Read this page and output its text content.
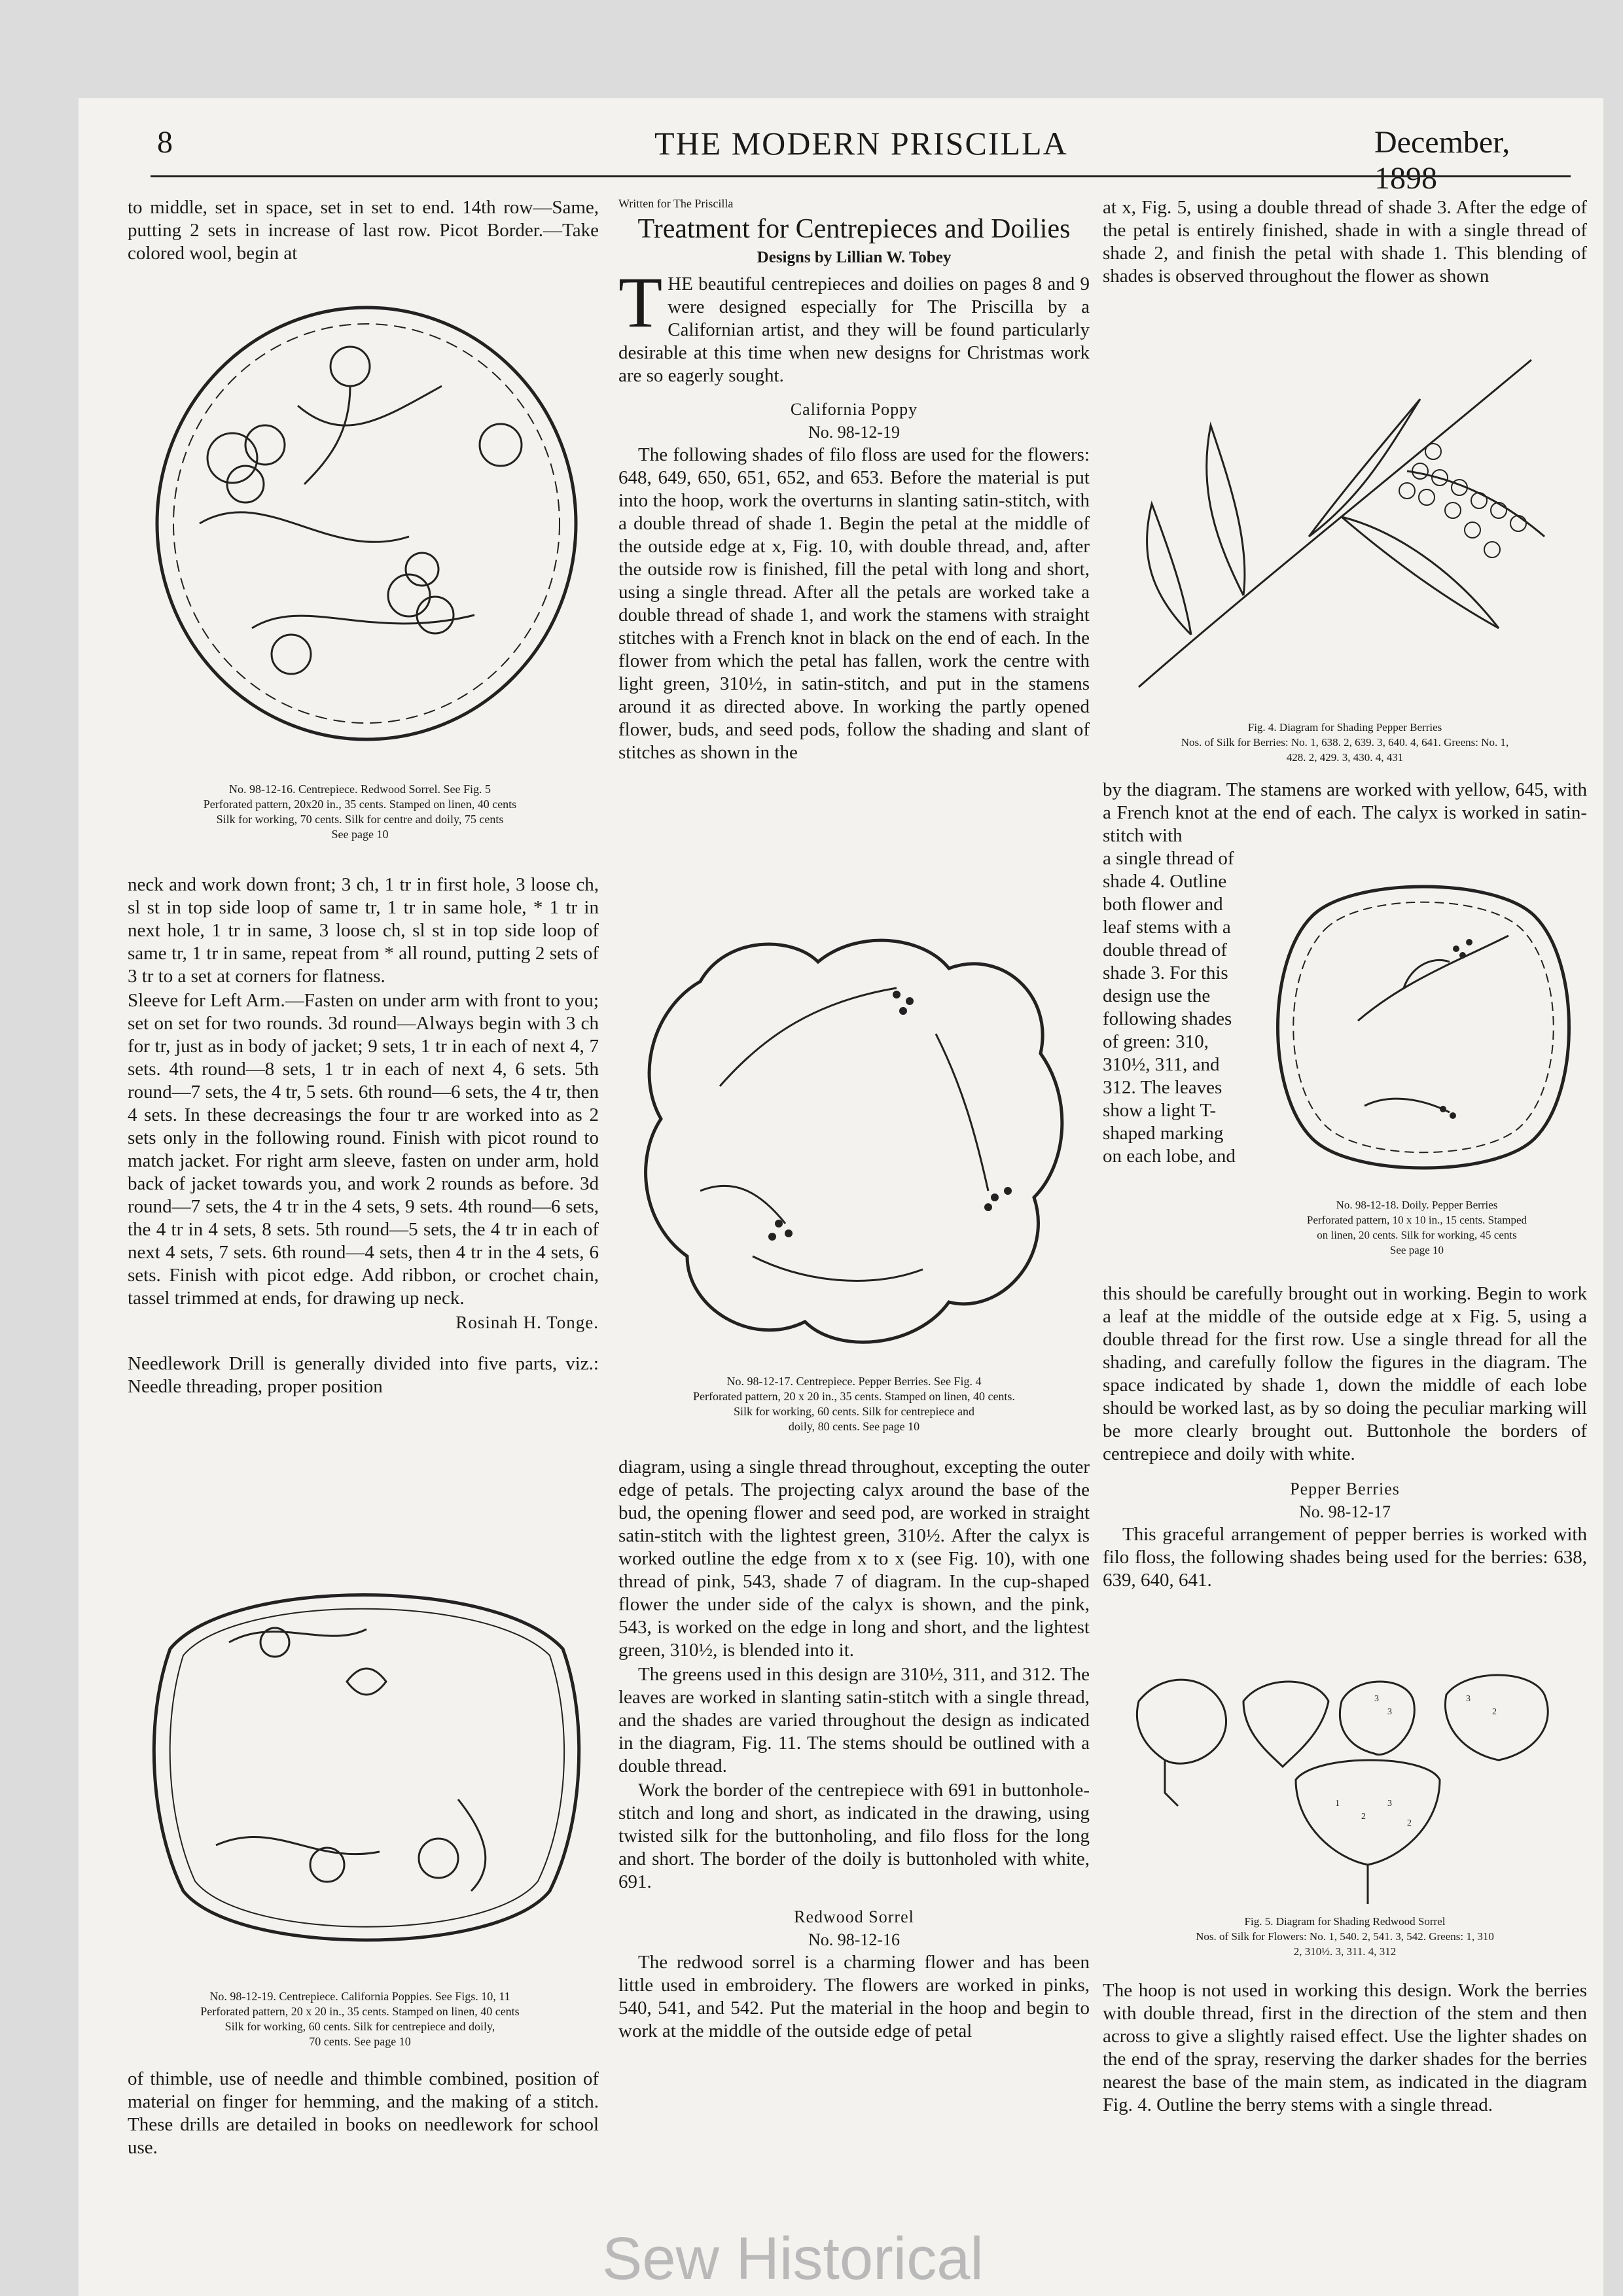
8	THE MODERN PRISCILLA	December, 1898

to middle, set in space, set in set to end. 14th row—Same, putting 2 sets in increase of last row. Picot Border.—Take colored wool, begin at

No. 98-12-16. Centrepiece. Redwood Sorrel. See Fig. 5
Perforated pattern, 20x20 in., 35 cents. Stamped on linen, 40 cents
Silk for working, 70 cents. Silk for centre and doily, 75 cents
See page 10

neck and work down front; 3 ch, 1 tr in first hole, 3 loose ch, sl st in top side loop of same tr, 1 tr in same hole, * 1 tr in next hole, 1 tr in same, 3 loose ch, sl st in top side loop of same tr, 1 tr in same, repeat from * all round, putting 2 sets of 3 tr to a set at corners for flatness.

Sleeve for Left Arm.—Fasten on under arm with front to you; set on set for two rounds. 3d round—Always begin with 3 ch for tr, just as in body of jacket; 9 sets, 1 tr in each of next 4, 7 sets. 4th round—8 sets, 1 tr in each of next 4, 6 sets. 5th round—7 sets, the 4 tr, 5 sets. 6th round—6 sets, the 4 tr, then 4 sets. In these decreasings the four tr are worked into as 2 sets only in the following round. Finish with picot round to match jacket. For right arm sleeve, fasten on under arm, hold back of jacket towards you, and work 2 rounds as before. 3d round—7 sets, the 4 tr in the 4 sets, 9 sets. 4th round—6 sets, the 4 tr in 4 sets, 8 sets. 5th round—5 sets, the 4 tr in each of next 4 sets, 7 sets. 6th round—4 sets, then 4 tr in the 4 sets, 6 sets. Finish with picot edge. Add ribbon, or crochet chain, tassel trimmed at ends, for drawing up neck.

Rosinah H. Tonge.

Needlework Drill is generally divided into five parts, viz.: Needle threading, proper position

No. 98-12-19. Centrepiece. California Poppies. See Figs. 10, 11
Perforated pattern, 20 x 20 in., 35 cents. Stamped on linen, 40 cents
Silk for working, 60 cents. Silk for centrepiece and doily,
70 cents. See page 10

of thimble, use of needle and thimble combined, position of material on finger for hemming, and the making of a stitch. These drills are detailed in books on needlework for school use.

Written for The Priscilla

Treatment for Centrepieces and Doilies
Designs by Lillian W. Tobey

THE beautiful centrepieces and doilies on pages 8 and 9 were designed especially for The Priscilla by a Californian artist, and they will be found particularly desirable at this time when new designs for Christmas work are so eagerly sought.

California Poppy
No. 98-12-19

The following shades of filo floss are used for the flowers: 648, 649, 650, 651, 652, and 653. Before the material is put into the hoop, work the overturns in slanting satin-stitch, with a double thread of shade 1. Begin the petal at the middle of the outside edge at x, Fig. 10, with double thread, and, after the outside row is finished, fill the petal with long and short, using a single thread. After all the petals are worked take a double thread of shade 1, and work the stamens with straight stitches with a French knot in black on the end of each. In the flower from which the petal has fallen, work the centre with light green, 310½, in satin-stitch, and put in the stamens around it as directed above. In working the partly opened flower, buds, and seed pods, follow the shading and slant of stitches as shown in the

No. 98-12-17. Centrepiece. Pepper Berries. See Fig. 4
Perforated pattern, 20 x 20 in., 35 cents. Stamped on linen, 40 cents.
Silk for working, 60 cents. Silk for centrepiece and
doily, 80 cents. See page 10

diagram, using a single thread throughout, excepting the outer edge of petals. The projecting calyx around the base of the bud, the opening flower and seed pod, are worked in straight satin-stitch with the lightest green, 310½. After the calyx is worked outline the edge from x to x (see Fig. 10), with one thread of pink, 543, shade 7 of diagram. In the cup-shaped flower the under side of the calyx is shown, and the pink, 543, is worked on the edge in long and short, and the lightest green, 310½, is blended into it.

The greens used in this design are 310½, 311, and 312. The leaves are worked in slanting satin-stitch with a single thread, and the shades are varied throughout the design as indicated in the diagram, Fig. 11. The stems should be outlined with a double thread.

Work the border of the centrepiece with 691 in buttonhole-stitch and long and short, as indicated in the drawing, using twisted silk for the buttonholing, and filo floss for the long and short. The border of the doily is buttonholed with white, 691.

Redwood Sorrel
No. 98-12-16

The redwood sorrel is a charming flower and has been little used in embroidery. The flowers are worked in pinks, 540, 541, and 542. Put the material in the hoop and begin to work at the middle of the outside edge of petal

at x, Fig. 5, using a double thread of shade 3. After the edge of the petal is entirely finished, shade in with a single thread of shade 2, and finish the petal with shade 1. This blending of shades is observed throughout the flower as shown

Fig. 4. Diagram for Shading Pepper Berries
Nos. of Silk for Berries: No. 1, 638. 2, 639. 3, 640. 4, 641. Greens: No. 1,
428. 2, 429. 3, 430. 4, 431

by the diagram. The stamens are worked with yellow, 645, with a French knot at the end of each. The calyx is worked in satin-stitch with

a single thread of shade 4. Outline both flower and leaf stems with a double thread of shade 3. For this design use the following shades of green: 310, 310½, 311, and 312. The leaves show a light T-shaped marking on each lobe, and

No. 98-12-18. Doily. Pepper Berries
Perforated pattern, 10 x 10 in., 15 cents. Stamped
on linen, 20 cents. Silk for working, 45 cents
See page 10

this should be carefully brought out in working. Begin to work a leaf at the middle of the outside edge at x Fig. 5, using a double thread for the first row. Use a single thread for all the shading, and carefully follow the figures in the diagram. The space indicated by shade 1, down the middle of each lobe should be worked last, as by so doing the peculiar marking will be more clearly brought out. Buttonhole the borders of centrepiece and doily with white.

Pepper Berries
No. 98-12-17

This graceful arrangement of pepper berries is worked with filo floss, the following shades being used for the berries: 638, 639, 640, 641.

3
3
3
2
1
2
3
2
Fig. 5. Diagram for Shading Redwood Sorrel
Nos. of Silk for Flowers: No. 1, 540. 2, 541. 3, 542. Greens: 1, 310
2, 310½. 3, 311. 4, 312

The hoop is not used in working this design. Work the berries with double thread, first in the direction of the stem and then across to give a slightly raised effect. Use the lighter shades on the end of the spray, reserving the darker shades for the berries nearest the base of the main stem, as indicated in the diagram Fig. 4. Outline the berry stems with a single thread.

Sew Historical
